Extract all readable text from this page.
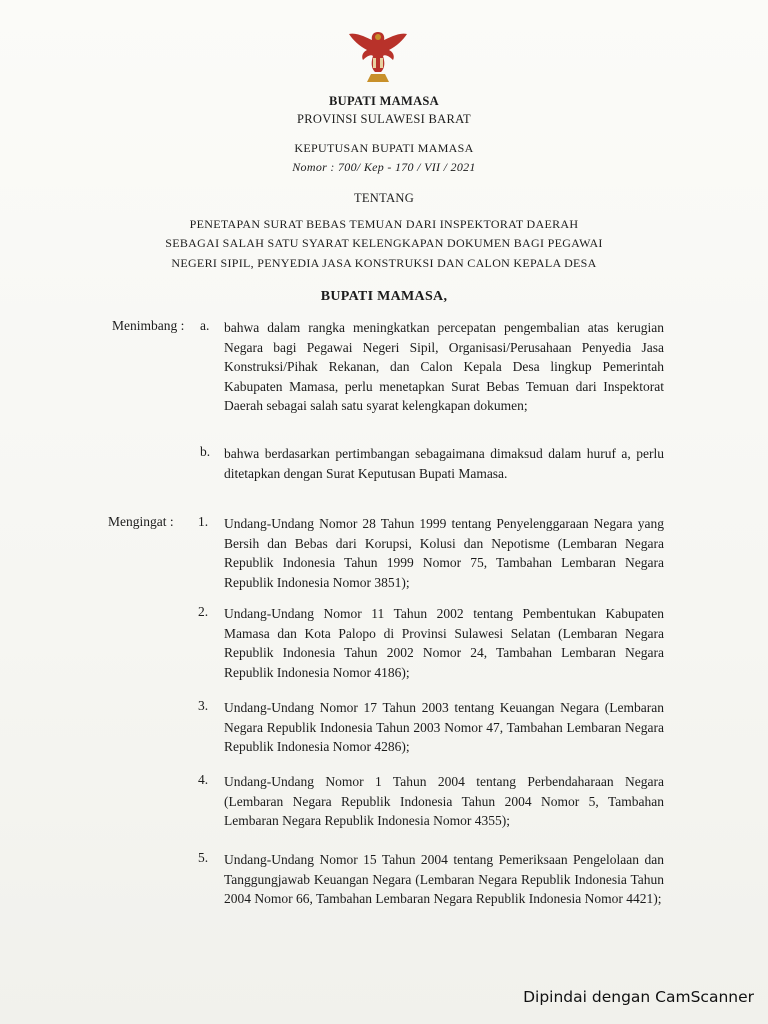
BUPATI MAMASA
PROVINSI SULAWESI BARAT
KEPUTUSAN BUPATI MAMASA
Nomor : 700/ Kep - 170 / VII / 2021
TENTANG
PENETAPAN SURAT BEBAS TEMUAN DARI INSPEKTORAT DAERAH
SEBAGAI SALAH SATU SYARAT KELENGKAPAN DOKUMEN BAGI PEGAWAI
NEGERI SIPIL, PENYEDIA JASA KONSTRUKSI DAN CALON KEPALA DESA
BUPATI MAMASA,
Menimbang : a. bahwa dalam rangka meningkatkan percepatan pengembalian atas kerugian Negara bagi Pegawai Negeri Sipil, Organisasi/Perusahaan Penyedia Jasa Konstruksi/Pihak Rekanan, dan Calon Kepala Desa lingkup Pemerintah Kabupaten Mamasa, perlu menetapkan Surat Bebas Temuan dari Inspektorat Daerah sebagai salah satu syarat kelengkapan dokumen;
b. bahwa berdasarkan pertimbangan sebagaimana dimaksud dalam huruf a, perlu ditetapkan dengan Surat Keputusan Bupati Mamasa.
Mengingat : 1. Undang-Undang Nomor 28 Tahun 1999 tentang Penyelenggaraan Negara yang Bersih dan Bebas dari Korupsi, Kolusi dan Nepotisme (Lembaran Negara Republik Indonesia Tahun 1999 Nomor 75, Tambahan Lembaran Negara Republik Indonesia Nomor 3851);
2. Undang-Undang Nomor 11 Tahun 2002 tentang Pembentukan Kabupaten Mamasa dan Kota Palopo di Provinsi Sulawesi Selatan (Lembaran Negara Republik Indonesia Tahun 2002 Nomor 24, Tambahan Lembaran Negara Republik Indonesia Nomor 4186);
3. Undang-Undang Nomor 17 Tahun 2003 tentang Keuangan Negara (Lembaran Negara Republik Indonesia Tahun 2003 Nomor 47, Tambahan Lembaran Negara Republik Indonesia Nomor 4286);
4. Undang-Undang Nomor 1 Tahun 2004 tentang Perbendaharaan Negara (Lembaran Negara Republik Indonesia Tahun 2004 Nomor 5, Tambahan Lembaran Negara Republik Indonesia Nomor 4355);
5. Undang-Undang Nomor 15 Tahun 2004 tentang Pemeriksaan Pengelolaan dan Tanggungjawab Keuangan Negara (Lembaran Negara Republik Indonesia Tahun 2004 Nomor 66, Tambahan Lembaran Negara Republik Indonesia Nomor 4421);
Dipindai dengan CamScanner
